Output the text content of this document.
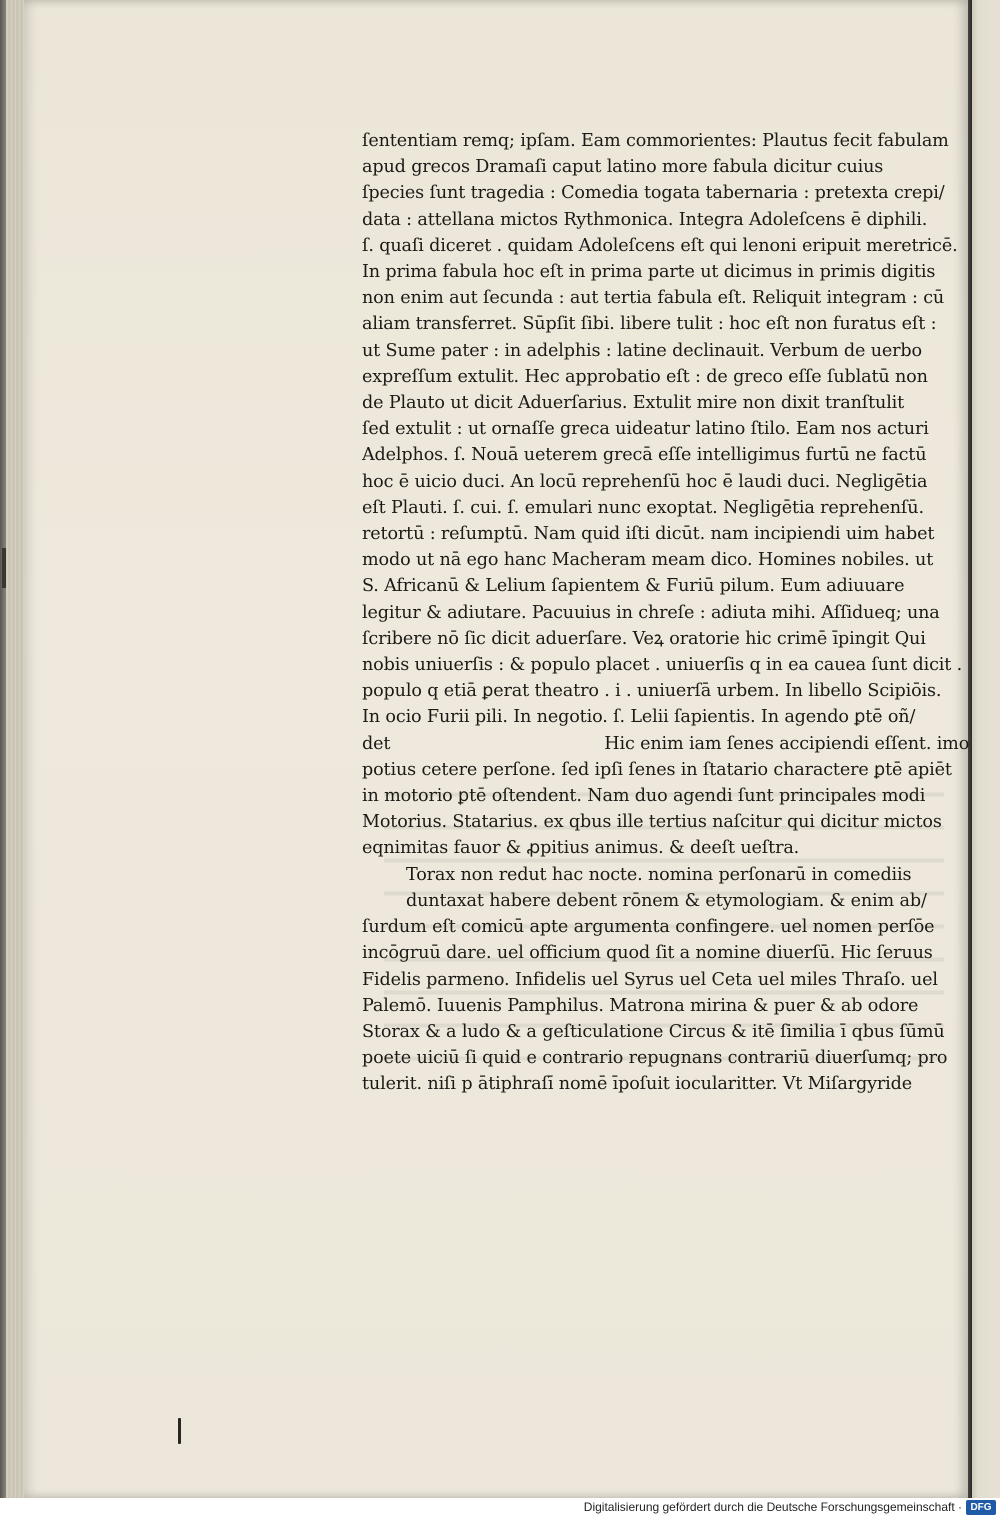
ſententiam remq; ipſam. Eam commorientes: Plautus fecit fabulam
apud grecos Dramaſi caput latino more fabula dicitur cuius
ſpecies ſunt tragedia : Comedia togata tabernaria : pretexta crepi/
data : attellana mictos Rythmonica. Integra Adoleſcens ē diphili.
ſ. quaſi diceret . quidam Adoleſcens eſt qui lenoni eripuit meretricē.
In prima fabula hoc eſt in prima parte ut dicimus in primis digitis
non enim aut ſecunda : aut tertia fabula eſt. Reliquit integram : cū
aliam transferret. Sūpſit ſibi. libere tulit : hoc eſt non furatus eſt :
ut Sume pater : in adelphis : latine declinauit. Verbum de uerbo
expreſſum extulit. Hec approbatio eſt : de greco eſſe ſublatū non
de Plauto ut dicit Aduerſarius. Extulit mire non dixit tranſtulit
ſed extulit : ut ornaſſe greca uideatur latino ſtilo. Eam nos acturi
Adelphos. ſ. Nouā ueterem grecā eſſe intelligimus furtū ne factū
hoc ē uicio duci. An locū reprehenſū hoc ē laudi duci. Negligētia
eſt Plauti. ſ. cui. ſ. emulari nunc exoptat. Negligētia reprehenſū.
retortū : reſumptū. Nam quid iſti dicūt. nam incipiendi uim habet
modo ut nā ego hanc Macheram meam dico. Homines nobiles. ut
S. Africanū & Lelium ſapientem & Furiū pilum. Eum adiuuare
legitur & adiutare. Pacuuius in chreſe : adiuta mihi. Aſſidueq; una
ſcribere nō ſic dicit aduerſare. Veꝝ oratorie hic crimē īpingit Qui
nobis uniuerſis : & populo placet . uniuerſis q in ea cauea ſunt dicit .
populo q etiā ꝑerat theatro . i . uniuerſā urbem. In libello Scipiōis.
In ocio Furii pili. In negotio. ſ. Lelii ſapientis. In agendo ꝑtē oñ/
det	Hic enim iam ſenes accipiendi eſſent. imo
potius cetere perſone. ſed ipſi ſenes in ſtatario charactere ꝑtē apiēt
in motorio ꝑtē oſtendent. Nam duo agendi ſunt principales modi
Motorius. Statarius. ex qbus ille tertius naſcitur qui dicitur mictos
eqnimitas fauor & ꝓpitius animus. & deeſt ueſtra.
Torax non redut hac nocte. nomina perſonarū in comediis
duntaxat habere debent rōnem & etymologiam. & enim ab/
ſurdum eſt comicū apte argumenta confingere. uel nomen perſōe
incōgruū dare. uel officium quod ſit a nomine diuerſū. Hic ſeruus
Fidelis parmeno. Infidelis uel Syrus uel Ceta uel miles Thraſo. uel
Palemō. Iuuenis Pamphilus. Matrona mirina & puer & ab odore
Storax & a ludo & a geſticulatione Circus & itē ſimilia ī qbus ſūmū
poete uiciū ſi quid e contrario repugnans contrariū diuerſumq; pro
tulerit. niſi p ātiphraſī nomē īpoſuit iocularitter. Vt Miſargyride
Digitalisierung gefördert durch die Deutsche Forschungsgemeinschaft · DFG
